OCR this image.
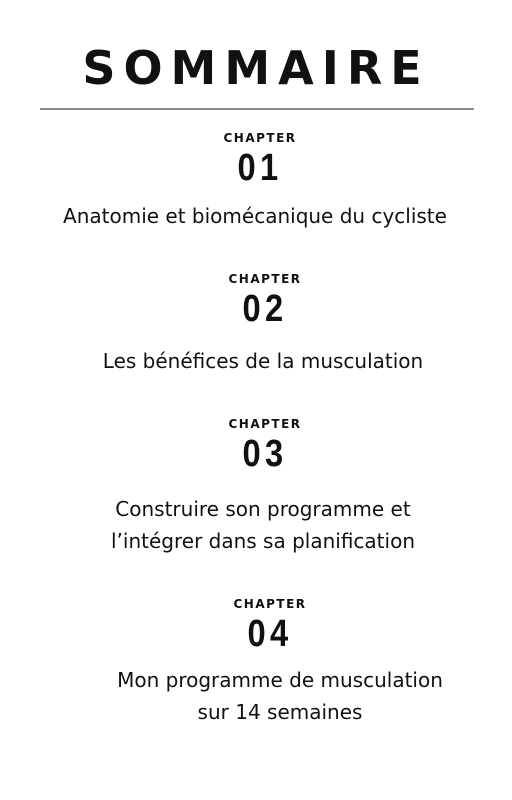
SOMMAIRE
CHAPTER
01
Anatomie et biomécanique du cycliste
CHAPTER
02
Les bénéfices de la musculation
CHAPTER
03
Construire son programme et
l’intégrer dans sa planification
CHAPTER
04
Mon programme de musculation
sur 14 semaines
